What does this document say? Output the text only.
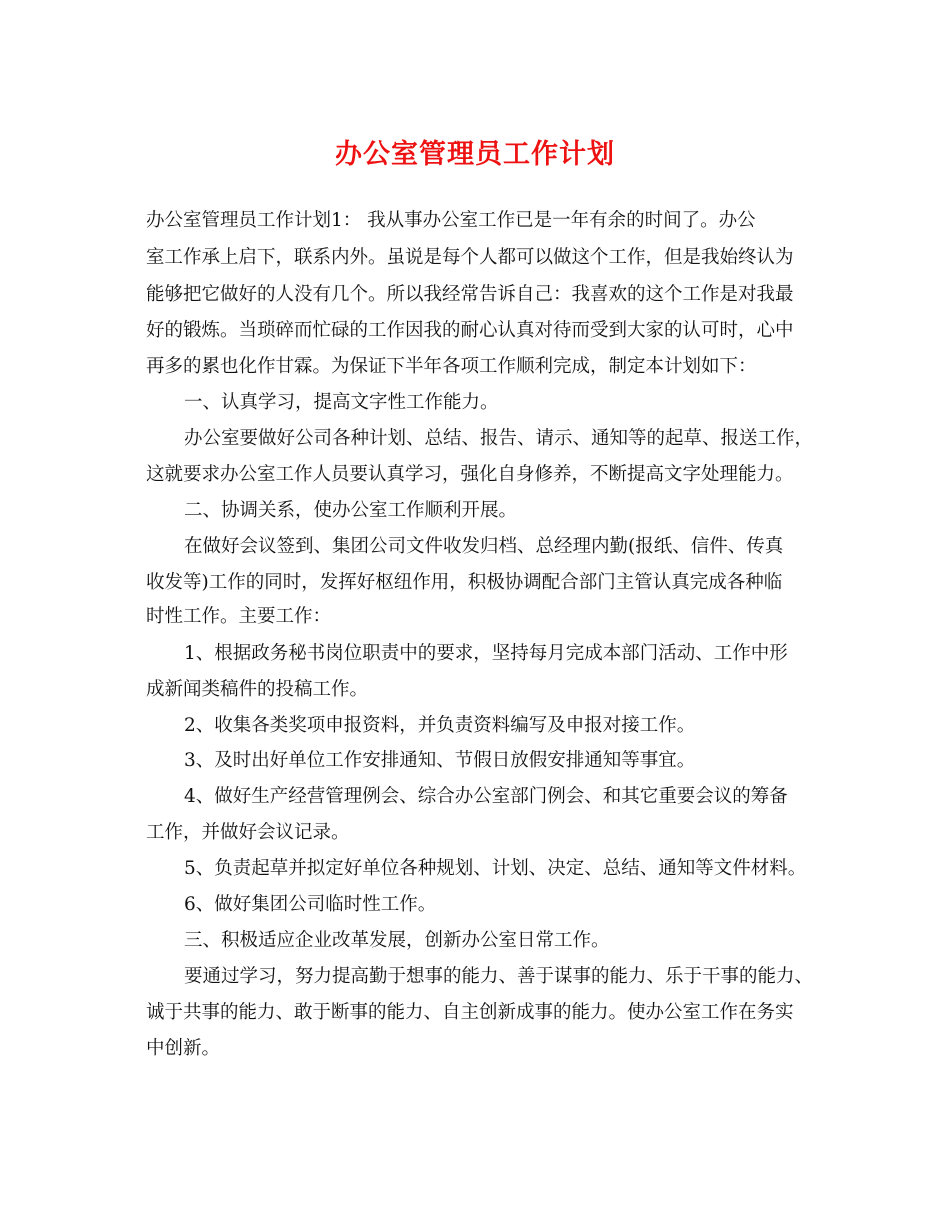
办公室管理员工作计划
办公室管理员工作计划1： 我从事办公室工作已是一年有余的时间了。办公
室工作承上启下，联系内外。虽说是每个人都可以做这个工作，但是我始终认为
能够把它做好的人没有几个。所以我经常告诉自己：我喜欢的这个工作是对我最
好的锻炼。当琐碎而忙碌的工作因我的耐心认真对待而受到大家的认可时，心中
再多的累也化作甘霖。为保证下半年各项工作顺利完成，制定本计划如下：
一、认真学习，提高文字性工作能力。
办公室要做好公司各种计划、总结、报告、请示、通知等的起草、报送工作，
这就要求办公室工作人员要认真学习，强化自身修养，不断提高文字处理能力。
二、协调关系，使办公室工作顺利开展。
在做好会议签到、集团公司文件收发归档、总经理内勤(报纸、信件、传真
收发等)工作的同时，发挥好枢纽作用，积极协调配合部门主管认真完成各种临
时性工作。主要工作：
1、根据政务秘书岗位职责中的要求，坚持每月完成本部门活动、工作中形
成新闻类稿件的投稿工作。
2、收集各类奖项申报资料，并负责资料编写及申报对接工作。
3、及时出好单位工作安排通知、节假日放假安排通知等事宜。
4、做好生产经营管理例会、综合办公室部门例会、和其它重要会议的筹备
工作，并做好会议记录。
5、负责起草并拟定好单位各种规划、计划、决定、总结、通知等文件材料。
6、做好集团公司临时性工作。
三、积极适应企业改革发展，创新办公室日常工作。
要通过学习，努力提高勤于想事的能力、善于谋事的能力、乐于干事的能力、
诚于共事的能力、敢于断事的能力、自主创新成事的能力。使办公室工作在务实
中创新。
